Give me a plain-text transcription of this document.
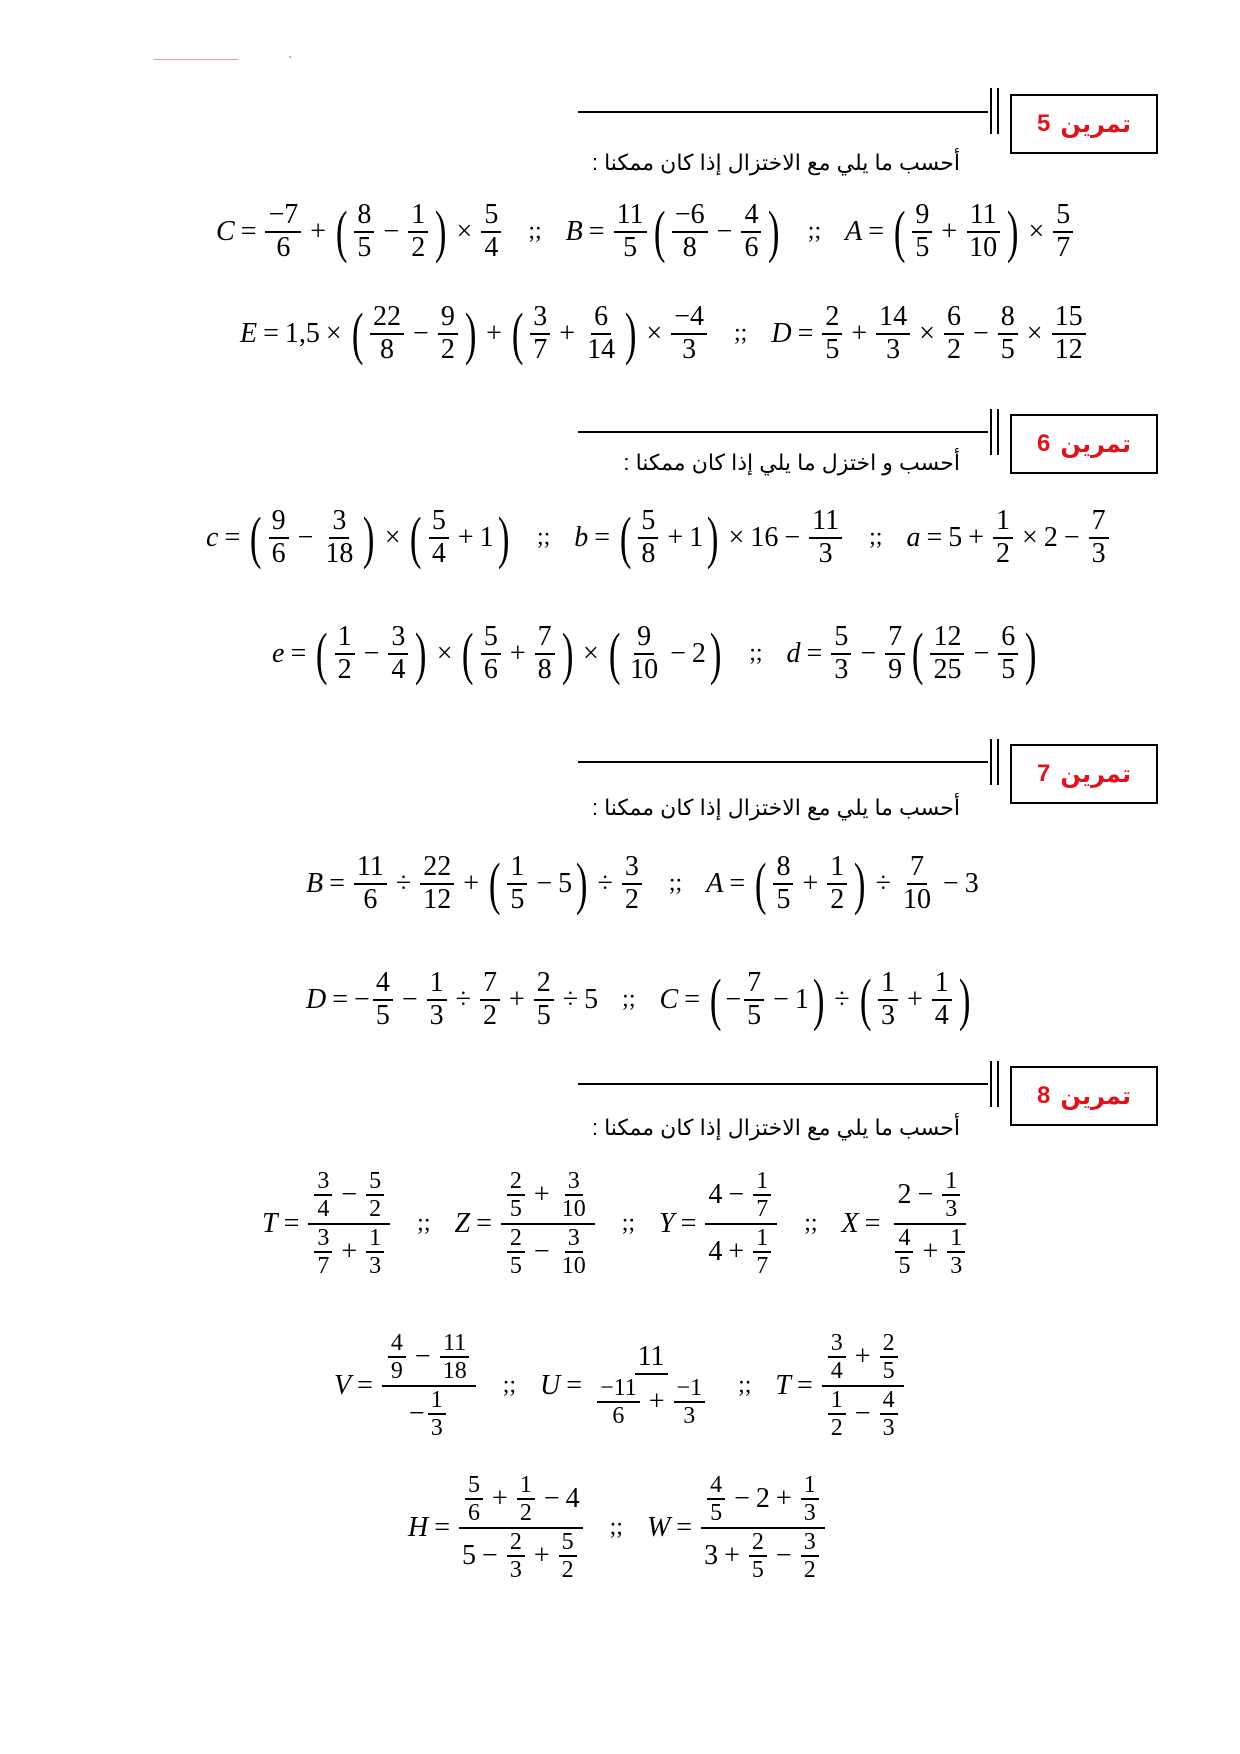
تمرين
5
أحسب ما يلي مع الاختزال إذا كان ممكنا :
$C = \frac{-7}{6}$ + ( $\frac{8}{5} - \frac{1}{2}$ ) × $\frac{5}{4}$	;; $B = \frac{11}{5}$ ( $\frac{-6}{8} - \frac{4}{6}$ )	;; A = ( $\frac{9}{5} + \frac{11}{10}$ ) × $\frac{5}{7}$
E = 1,5 × ( $\frac{22}{8} - \frac{9}{2}$ ) + ( $\frac{3}{7} + \frac{6}{14}$ ) × $\frac{-4}{3}$	;; $D = \frac{2}{5} + \frac{14}{3} \times \frac{6}{2} - \frac{8}{5} \times \frac{15}{12}$
تمرين
6
أحسب و اختزل ما يلي إذا كان ممكنا :
c = ( $\frac{9}{6} - \frac{3}{18}$ ) × ( $\frac{5}{4} + 1$ )	;; b = ( $\frac{5}{8} + 1$ ) × $16 - \frac{11}{3}$	;; $a = 5 + \frac{1}{2} \times 2 - \frac{7}{3}$
e = ( $\frac{1}{2} - \frac{3}{4}$ ) × ( $\frac{5}{6} + \frac{7}{8}$ ) × ( $\frac{9}{10} - 2$ )	;; $d = \frac{5}{3} - \frac{7}{9}$ ( $\frac{12}{25} - \frac{6}{5}$ )
تمرين
7
أحسب ما يلي مع الاختزال إذا كان ممكنا :
$B = \frac{11}{6} \div \frac{22}{12}$ + ( $\frac{1}{5} - 5$ ) ÷ $\frac{3}{2}$	;; A = ( $\frac{8}{5} + \frac{1}{2}$ ) ÷ $\frac{7}{10} - 3$
D = − $\frac{4}{5} - \frac{1}{3} \div \frac{7}{2} + \frac{2}{5} \div 5$	;; C = ( − $\frac{7}{5} - 1$ ) ÷ ( $\frac{1}{3} + \frac{1}{4}$ )
تمرين
8
أحسب ما يلي مع الاختزال إذا كان ممكنا :
$T = \frac{\frac{3}{4} - \frac{5}{2}}{\frac{3}{7} + \frac{1}{3}}$	;; $Z = \frac{\frac{2}{5} + \frac{3}{10}}{\frac{2}{5} - \frac{3}{10}}$	;; $Y = \frac{4 - \frac{1}{7}}{4 + \frac{1}{7}}$	;; $X = \frac{2 - \frac{1}{3}}{\frac{4}{5} + \frac{1}{3}}$
$V = \frac{\frac{4}{9} - \frac{11}{18}}{- \frac{1}{3}}$	;; $U = \frac{11}{\frac{-11}{6} + \frac{-1}{3}}$	;; $T = \frac{\frac{3}{4} + \frac{2}{5}}{\frac{1}{2} - \frac{4}{3}}$
$H = \frac{\frac{5}{6} + \frac{1}{2} - 4}{5 - \frac{2}{3} + \frac{5}{2}}$	;; $W = \frac{\frac{4}{5} - 2 + \frac{1}{3}}{3 + \frac{2}{5} - \frac{3}{2}}$
